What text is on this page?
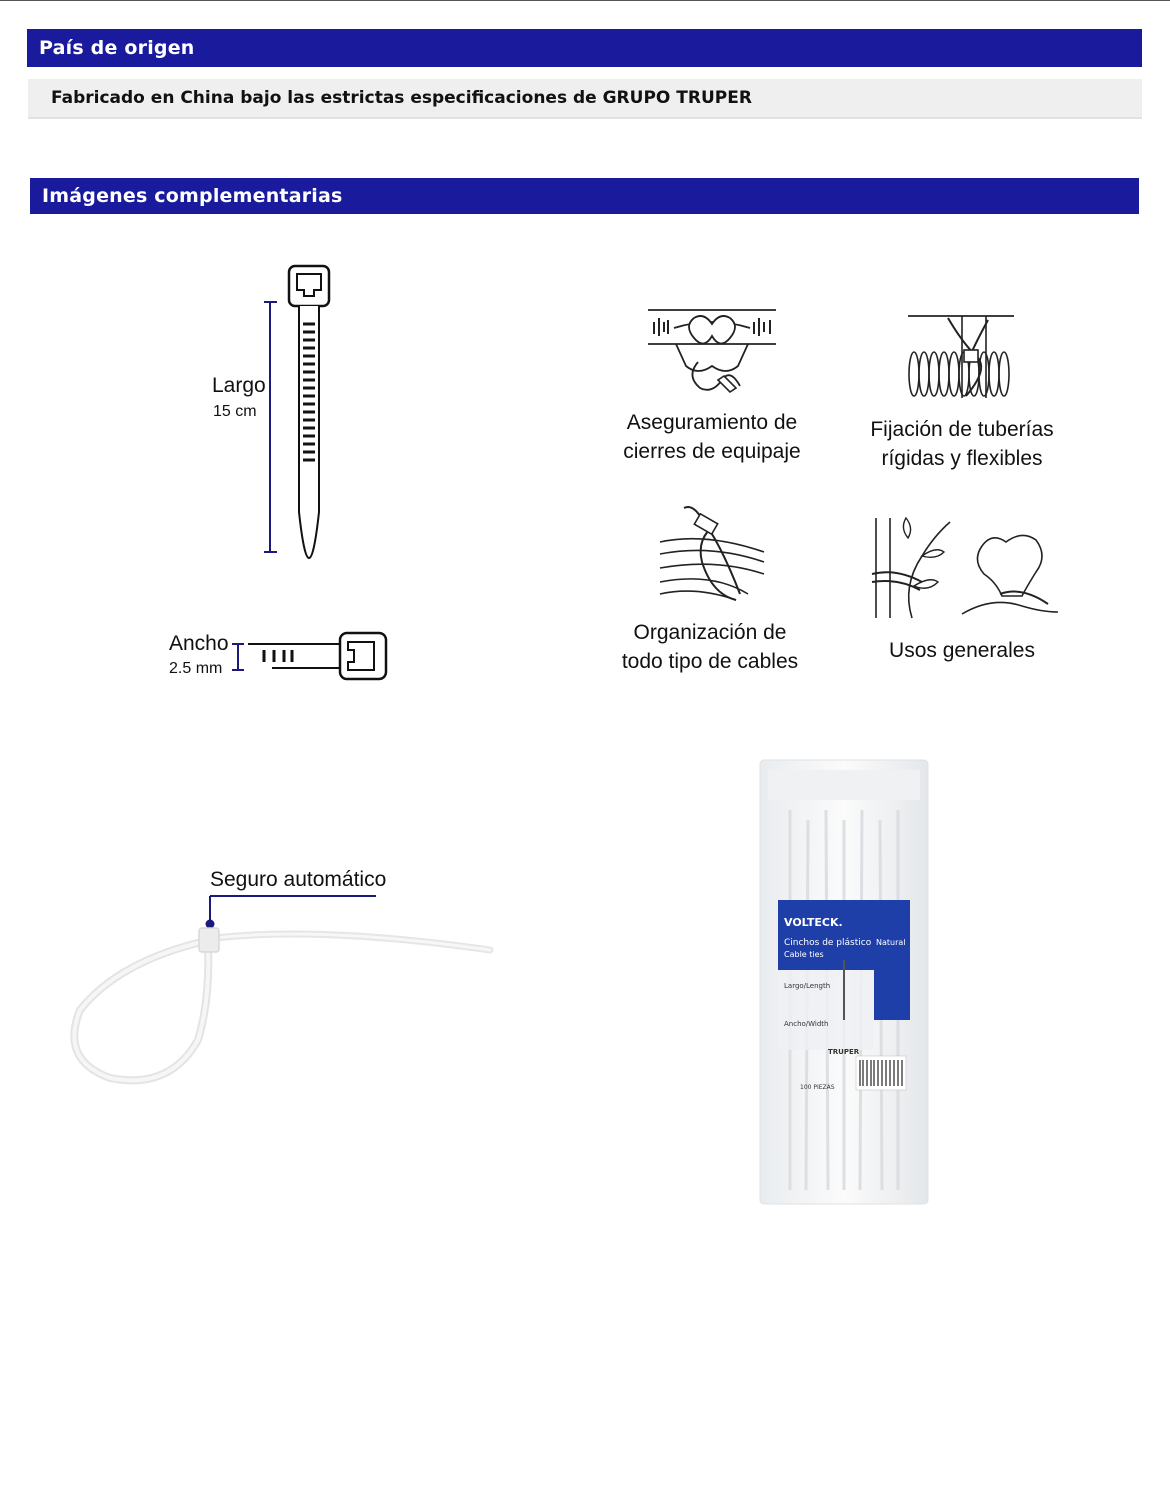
País de origen
Fabricado en China bajo las estrictas especificaciones de GRUPO TRUPER
Imágenes complementarias
Largo
15 cm
Ancho
2.5 mm
Aseguramiento de
cierres de equipaje
Fijación de tuberías
rígidas y flexibles
Organización de
todo tipo de cables	Usos generales
Seguro automático
VOLTECK.
Cinchos de plástico
Cable ties
Natural
Largo/Length
Ancho/Width
TRUPER
100 PIEZAS
